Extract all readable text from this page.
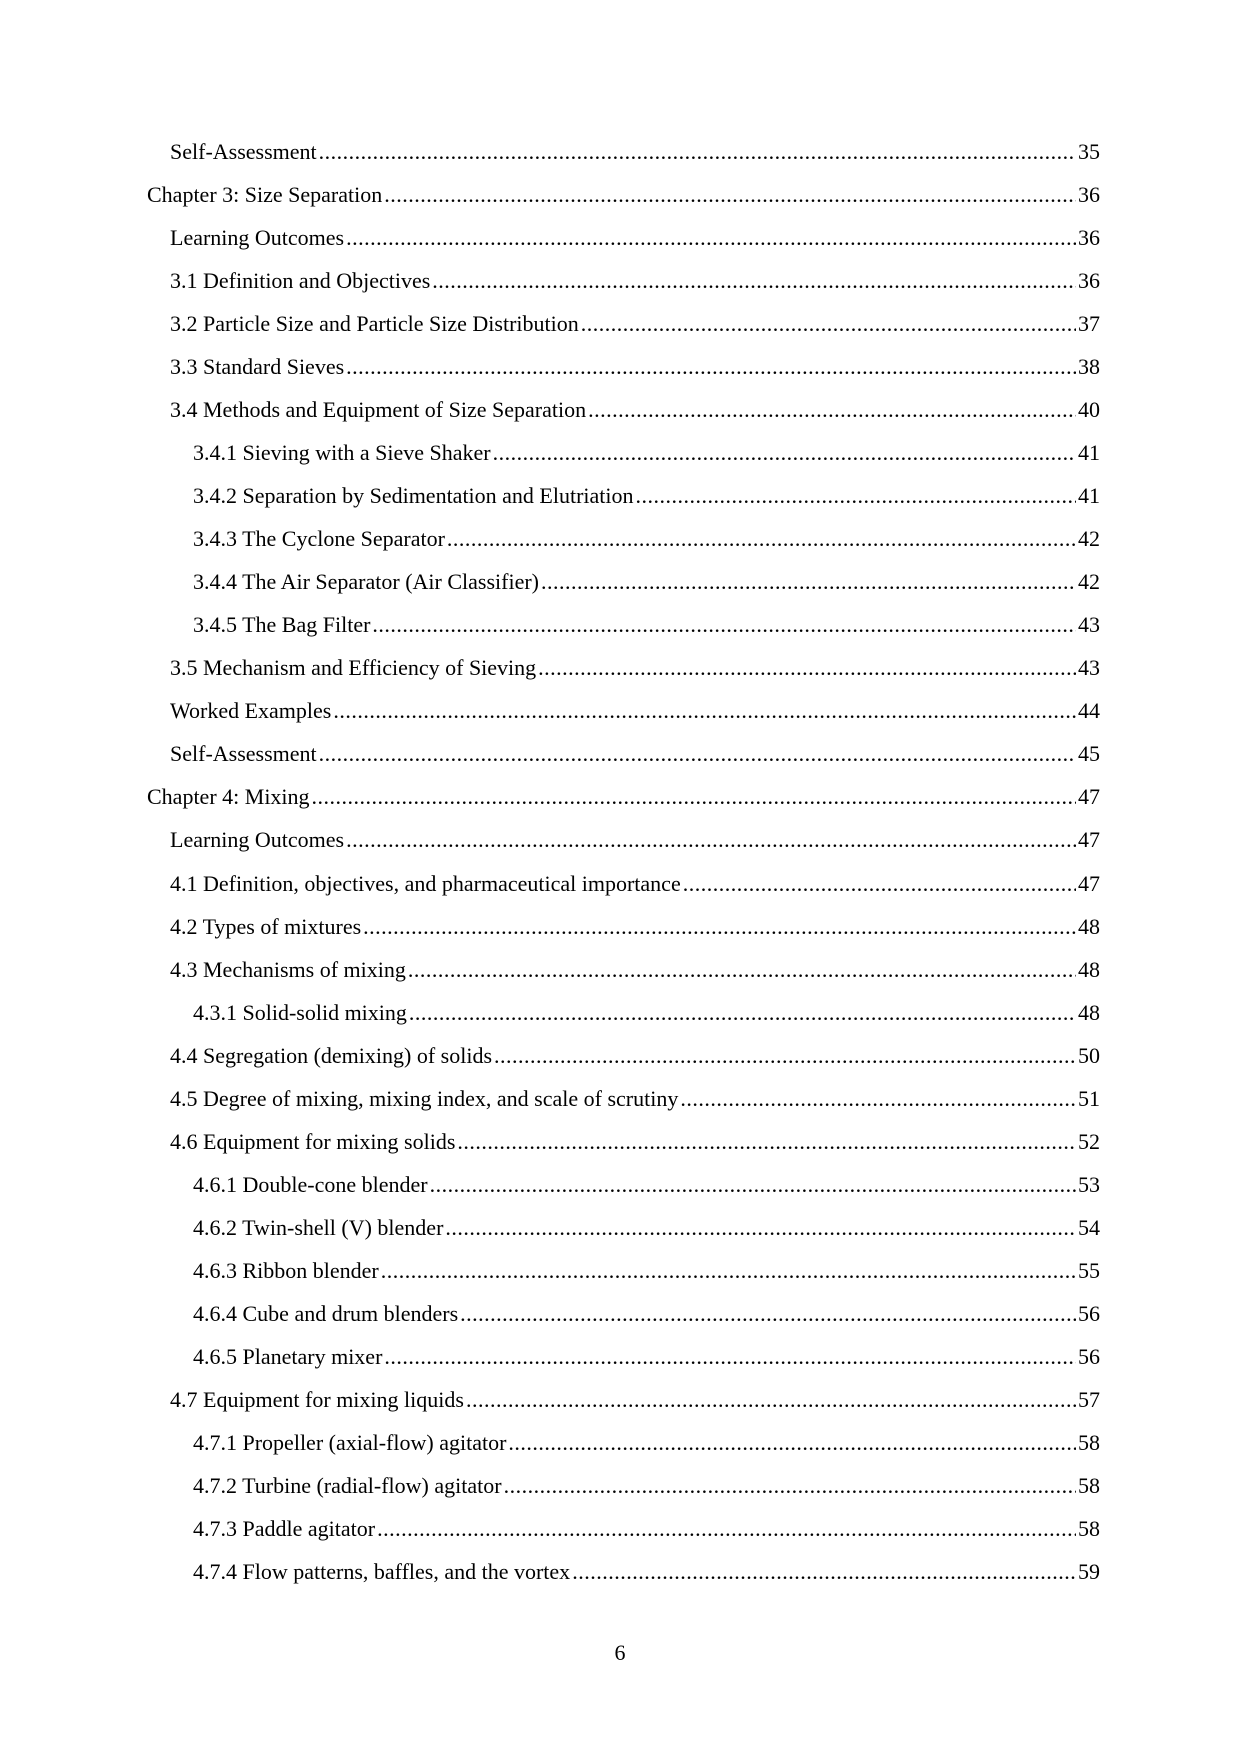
Self-Assessment .....	35
Chapter 3: Size Separation .....	36
Learning Outcomes .....	36
3.1 Definition and Objectives .....	36
3.2 Particle Size and Particle Size Distribution .....	37
3.3 Standard Sieves .....	38
3.4 Methods and Equipment of Size Separation .....	40
3.4.1 Sieving with a Sieve Shaker .....	41
3.4.2 Separation by Sedimentation and Elutriation .....	41
3.4.3 The Cyclone Separator .....	42
3.4.4 The Air Separator (Air Classifier) .....	42
3.4.5 The Bag Filter .....	43
3.5 Mechanism and Efficiency of Sieving .....	43
Worked Examples .....	44
Self-Assessment .....	45
Chapter 4: Mixing .....	47
Learning Outcomes .....	47
4.1 Definition, objectives, and pharmaceutical importance .....	47
4.2 Types of mixtures .....	48
4.3 Mechanisms of mixing .....	48
4.3.1 Solid-solid mixing .....	48
4.4 Segregation (demixing) of solids .....	50
4.5 Degree of mixing, mixing index, and scale of scrutiny .....	51
4.6 Equipment for mixing solids .....	52
4.6.1 Double-cone blender .....	53
4.6.2 Twin-shell (V) blender .....	54
4.6.3 Ribbon blender .....	55
4.6.4 Cube and drum blenders .....	56
4.6.5 Planetary mixer .....	56
4.7 Equipment for mixing liquids .....	57
4.7.1 Propeller (axial-flow) agitator .....	58
4.7.2 Turbine (radial-flow) agitator .....	58
4.7.3 Paddle agitator .....	58
4.7.4 Flow patterns, baffles, and the vortex .....	59
6
